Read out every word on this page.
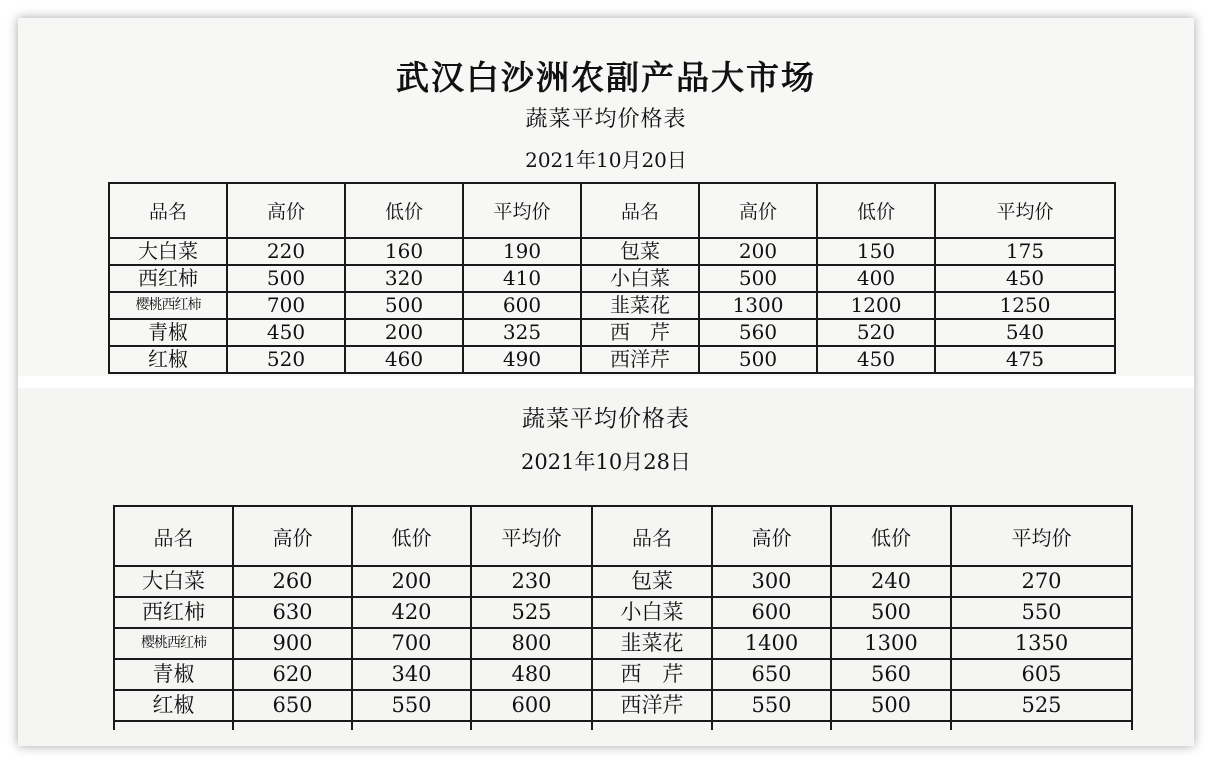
武汉白沙洲农副产品大市场
蔬菜平均价格表
2021年10月20日
品名	高价	低价	平均价	品名	高价	低价	平均价
大白菜	220	160	190	包菜	200	150	175
西红柿	500	320	410	小白菜	500	400	450
樱桃西红柿	700	500	600	韭菜花	1300	1200	1250
青椒	450	200	325	西　芹	560	520	540
红椒	520	460	490	西洋芹	500	450	475
蔬菜平均价格表
2021年10月28日
品名	高价	低价	平均价	品名	高价	低价	平均价
大白菜	260	200	230	包菜	300	240	270
西红柿	630	420	525	小白菜	600	500	550
樱桃西红柿	900	700	800	韭菜花	1400	1300	1350
青椒	620	340	480	西　芹	650	560	605
红椒	650	550	600	西洋芹	550	500	525
